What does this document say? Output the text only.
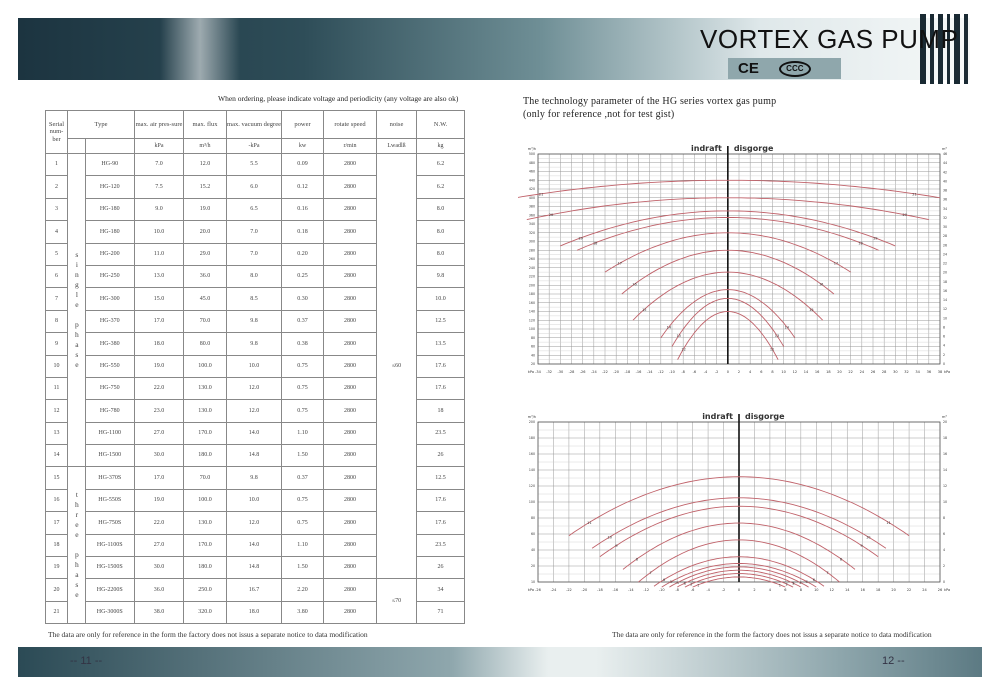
VORTEX GAS PUMP
CE	CCC
When ordering, please indicate voltage and periodicity (any voltage are also ok)
Serial num-ber	Type		max. air pres-sure	max. flux	max. vacuum degree	power	rotate speed	noise	N.W.
			kPa	m³/h	-kPa	kw	r/min	Lwadlß	kg
1	single phase	HG-90	7.0	12.0	5.5	0.09	2800	≤60	6.2
2		HG-120	7.5	15.2	6.0	0.12	2800		6.2
3		HG-180	9.0	19.0	6.5	0.16	2800		8.0
4		HG-180	10.0	20.0	7.0	0.18	2800		8.0
5		HG-200	11.0	29.0	7.0	0.20	2800		8.0
6		HG-250	13.0	36.0	8.0	0.25	2800		9.8
7		HG-300	15.0	45.0	8.5	0.30	2800		10.0
8		HG-370	17.0	70.0	9.8	0.37	2800		12.5
9		HG-380	18.0	80.0	9.8	0.38	2800		13.5
10		HG-550	19.0	100.0	10.0	0.75	2800		17.6
11		HG-750	22.0	130.0	12.0	0.75	2800		17.6
12		HG-780	23.0	130.0	12.0	0.75	2800		18
13		HG-1100	27.0	170.0	14.0	1.10	2800		23.5
14		HG-1500	30.0	180.0	14.8	1.50	2800		26
15	three phase	HG-370S	17.0	70.0	9.8	0.37	2800		12.5
16		HG-550S	19.0	100.0	10.0	0.75	2800		17.6
17		HG-750S	22.0	130.0	12.0	0.75	2800		17.6
18		HG-1100S	27.0	170.0	14.0	1.10	2800		23.5
19		HG-1500S	30.0	180.0	14.8	1.50	2800		26
20		HG-2200S	36.0	250.0	16.7	2.20	2800	≤70	34
21		HG-3000S	38.0	320.0	18.0	3.80	2800		71
The data are only for reference in the form the factory does not issus a separate notice to data modification
The technology parameter of the HG series vortex gas pump
(only for reference ,not for test gist)
indraft disgorge
m³/h	m³
kPa	kPa
-34 -32 -30 -28 -26 -24 -22 -20 -18 -16 -14 -12 -10 -8 -6 -4 -2 0	2	4	6	8 10 12 14 16 18 20 22 24 26 28 30 32 34 36 38
20
40
60
80
100
120
140
160
180
200
220
240
260
280
300
320
340
360
380
400
420
440
460
480
500
0
2
4
6
8
10
12
14
16
18
20
22
24
26
28
30
32
34
36
38
40
42
44
46
21	21
20	20
19	19
18	18
17	17
16	16
15	15
14	14
13	13
12	12
indraft disgorge
m³/h	m³
kPa	kPa
-26	-24	-22	-20	-18	-16	-14	-12	-10	-8	-6	-4	-2	0	2	4	6	8	10	12	14	16	18	20	22	24	26
10
20
40
60
80
100
120
140
160
180
200
0
2
4
6
8
10
12
14
16
18
20
11	11
10	10
9	9
8	8
7	7
6	6
5	5
4	4
3	3
2	2
1	1
The data are only for reference in the form the factory does not issus a separate notice to data modification
-- 11 --	12 --
